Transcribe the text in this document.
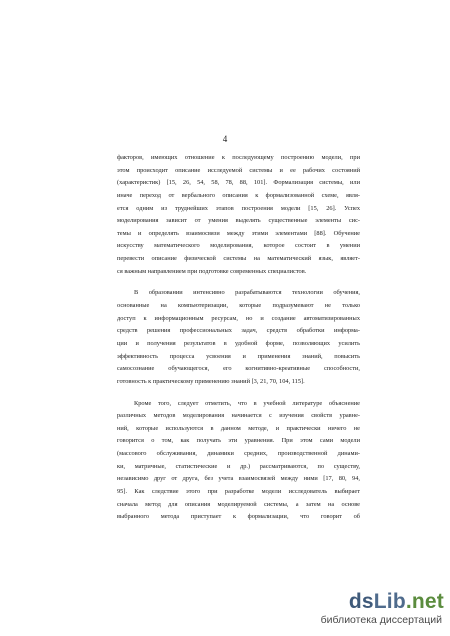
4
факторов, имеющих отношение к последующему построению модели, при
этом происходит описание исследуемой системы и ее рабочих состояний
(характеристик) [15, 26, 54, 58, 78, 88, 101]. Формализация системы, или
иначе переход от вербального описания к формализованной схеме, явля-
ется одним из труднейших этапов построения модели [15, 26]. Успех
моделирования зависит от умения выделять существенные элементы сис-
темы и определять взаимосвязи между этими элементами [88]. Обучение
искусству математического моделирования, которое состоит в умении
перевести описание физической системы на математический язык, являет-
ся важным направлением при подготовке современных специалистов.
В образовании интенсивно разрабатываются технологии обучения,
основанные на компьютеризации, которые подразумевают не только
доступ к информационным ресурсам, но и создание автоматизированных
средств решения профессиональных задач, средств обработки информа-
ции и получения результатов в удобной форме, позволяющих усилить
эффективность процесса усвоения и применения знаний, повысить
самосознание обучающегося, его когнитивно-креативные способности,
готовность к практическому применению знаний [3, 21, 70, 104, 115].
Кроме того, следует отметить, что в учебной литературе объяснение
различных методов моделирования начинается с изучения свойств уравне-
ний, которые используются в данном методе, и практически ничего не
говорится о том, как получать эти уравнения. При этом сами модели
(массового обслуживания, динамики средних, производственной динами-
ки, матричные, статистические и др.) рассматриваются, по существу,
независимо друг от друга, без учета взаимосвязей между ними [17, 80, 94,
95]. Как следствие этого при разработке модели исследователь выбирает
сначала метод для описания моделируемой системы, а затем на основе
выбранного метода приступает к формализации, что говорит об
dsLib.net
библиотека диссертаций
